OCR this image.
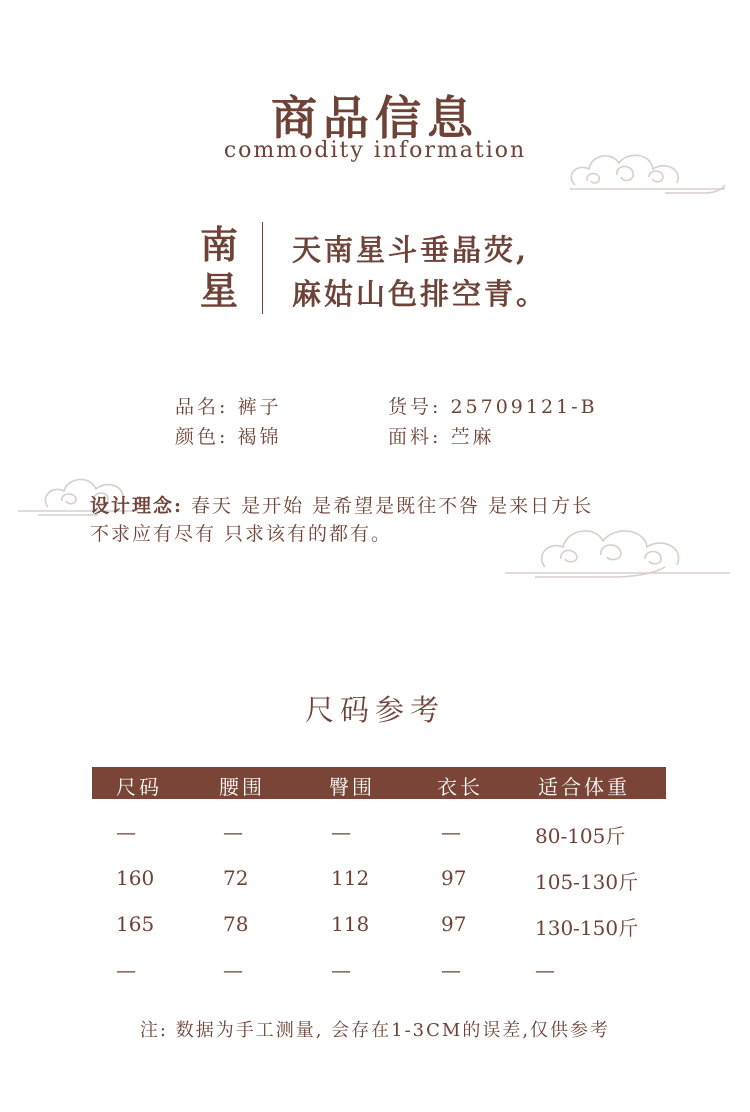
商品信息
commodity information
南
星
天南星斗垂晶荧,
麻姑山色排空青。
品名: 裤子	货号: 25709121-B
颜色: 褐锦	面料: 苎麻
设计理念: 春天 是开始 是希望是既往不咎 是来日方长
不求应有尽有 只求该有的都有。
尺码参考
尺码	腰围	臀围	衣长	适合体重
—	—	—	—	80-105斤
160	72	112	97	105-130斤
165	78	118	97	130-150斤
—	—	—	—	—
注: 数据为手工测量, 会存在1-3CM的误差,仅供参考
